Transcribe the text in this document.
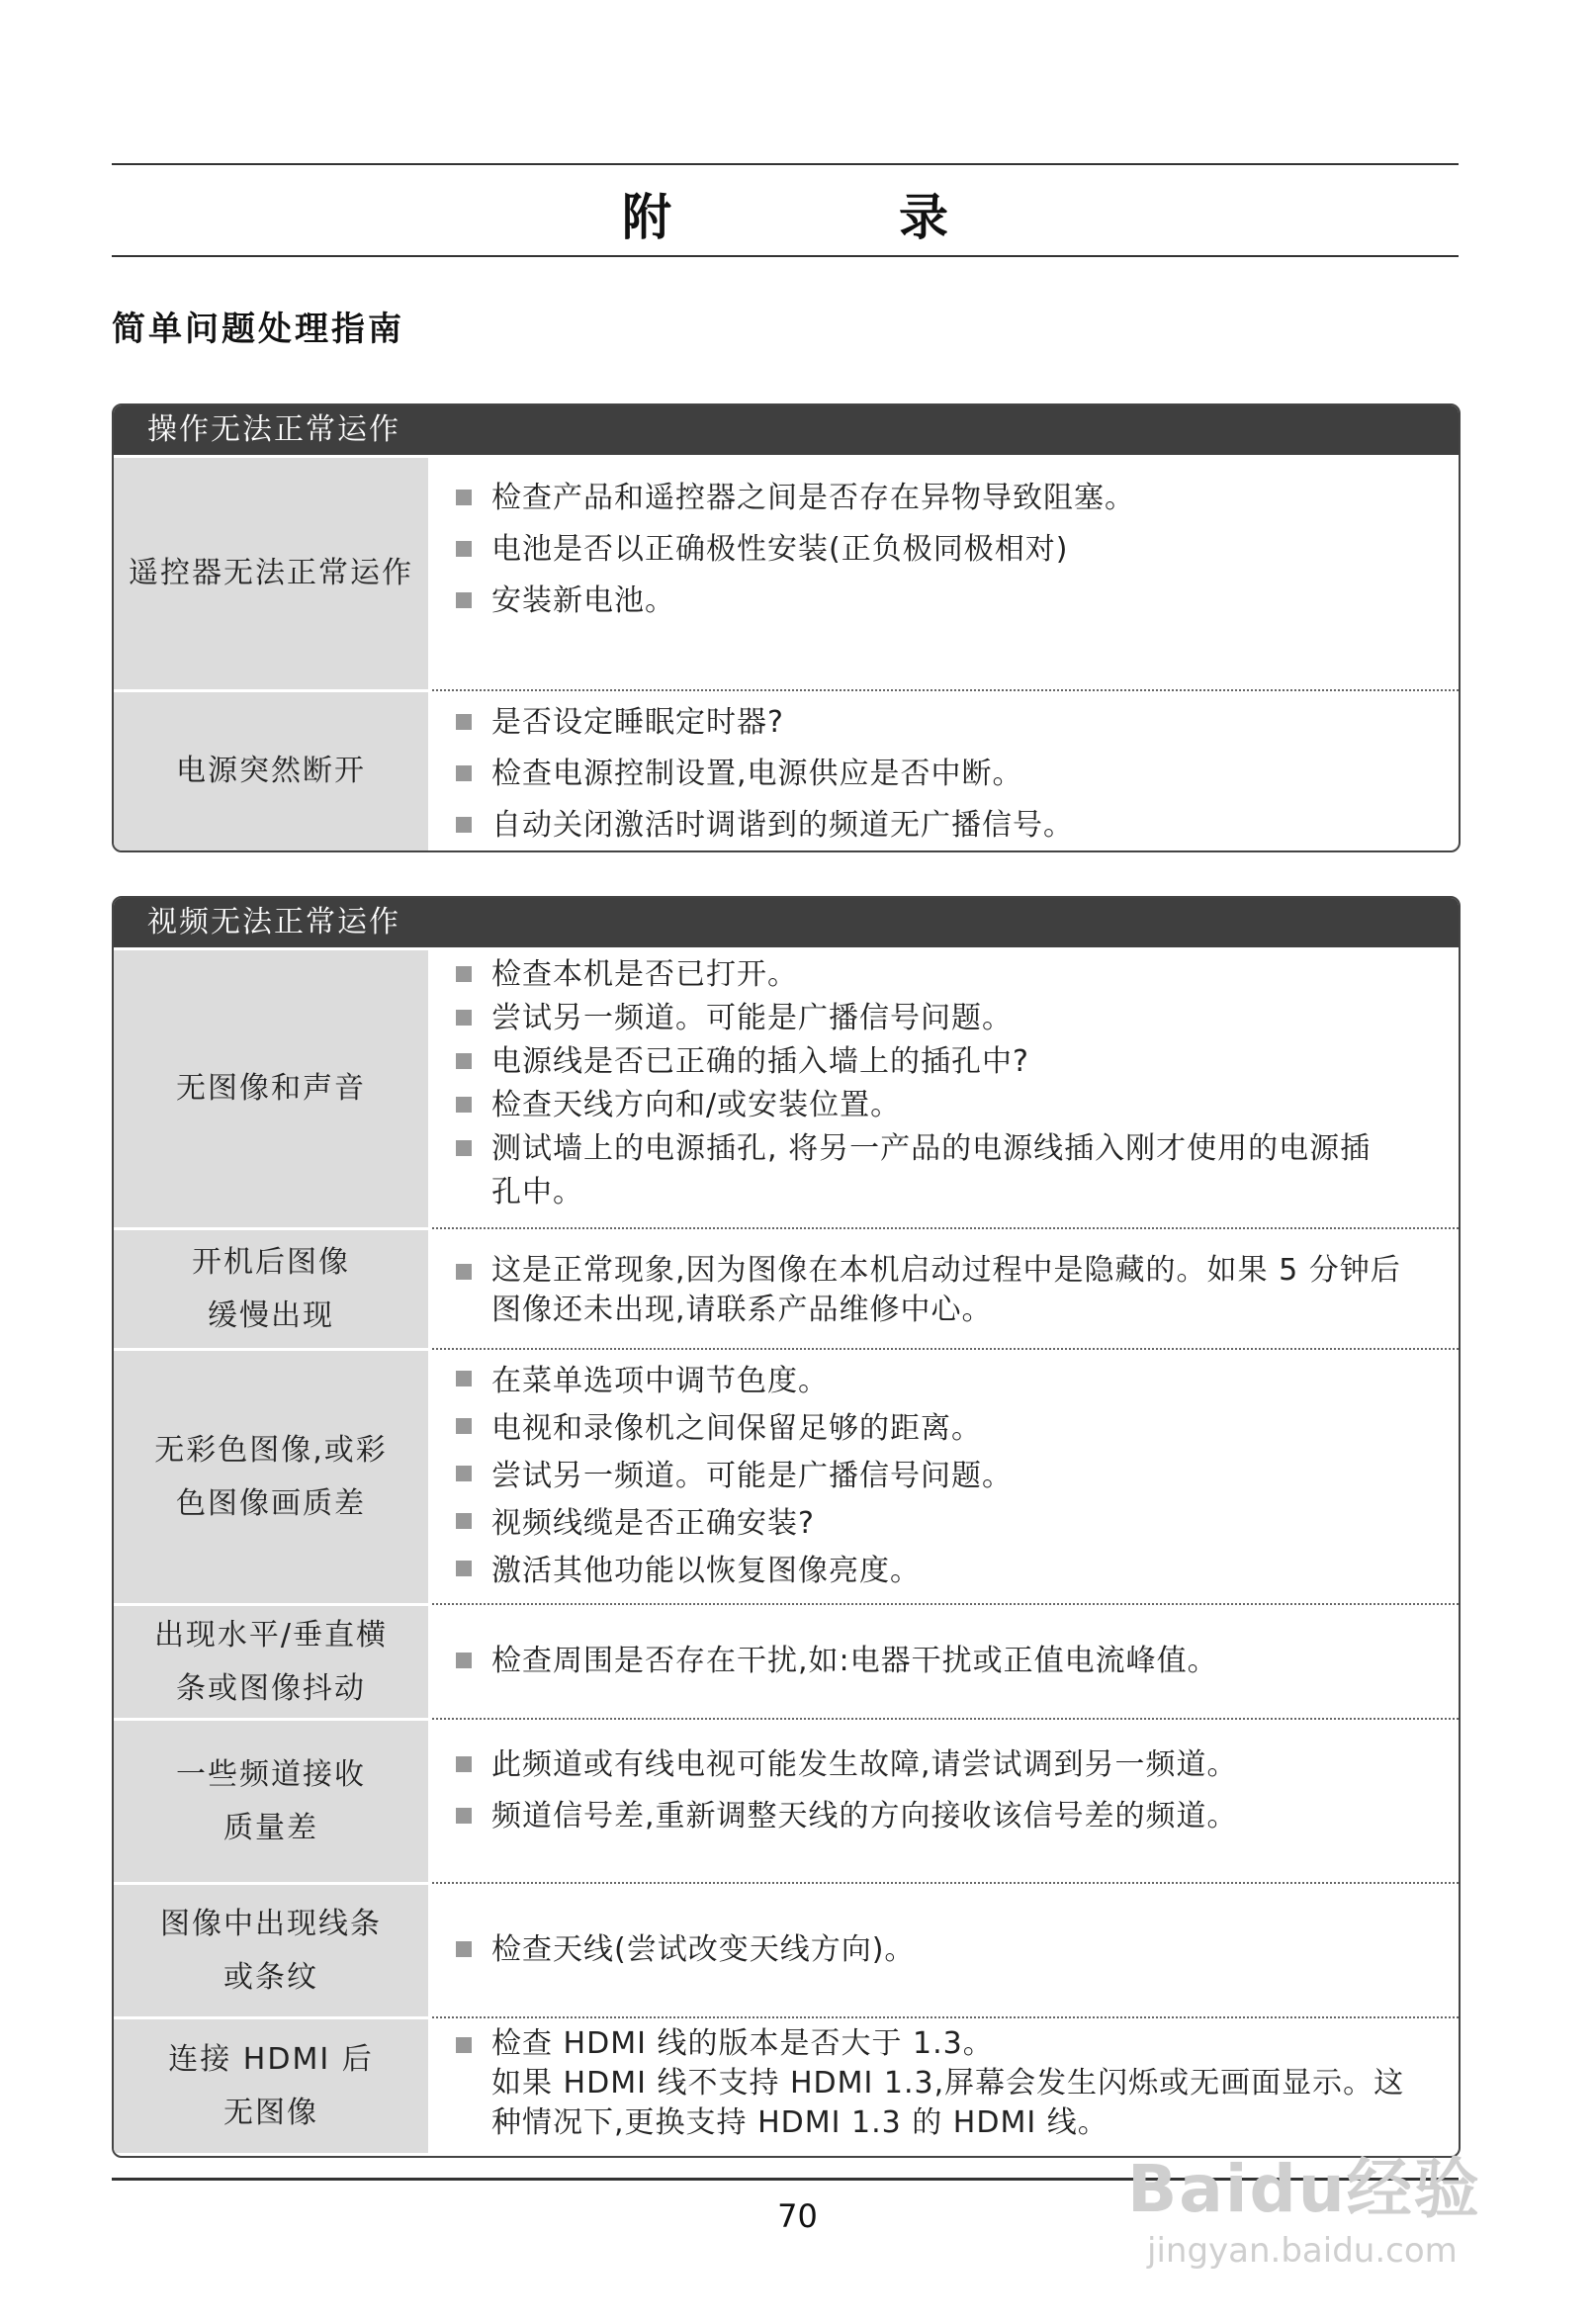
附　录
简单问题处理指南
操作无法正常运作
遥控器无法正常运作
检查产品和遥控器之间是否存在异物导致阻塞。
电池是否以正确极性安装(正负极同极相对)
安装新电池。
电源突然断开
是否设定睡眠定时器?
检查电源控制设置,电源供应是否中断。
自动关闭激活时调谐到的频道无广播信号。
视频无法正常运作
无图像和声音
检查本机是否已打开。
尝试另一频道。可能是广播信号问题。
电源线是否已正确的插入墙上的插孔中?
检查天线方向和/或安装位置。
测试墙上的电源插孔, 将另一产品的电源线插入刚才使用的电源插
孔中。
开机后图像
缓慢出现
这是正常现象,因为图像在本机启动过程中是隐藏的。如果 5 分钟后
图像还未出现,请联系产品维修中心。
无彩色图像,或彩
色图像画质差
在菜单选项中调节色度。
电视和录像机之间保留足够的距离。
尝试另一频道。可能是广播信号问题。
视频线缆是否正确安装?
激活其他功能以恢复图像亮度。
出现水平/垂直横
条或图像抖动
检查周围是否存在干扰,如:电器干扰或正值电流峰值。
一些频道接收
质量差
此频道或有线电视可能发生故障,请尝试调到另一频道。
频道信号差,重新调整天线的方向接收该信号差的频道。
图像中出现线条
或条纹
检查天线(尝试改变天线方向)。
连接 HDMI 后
无图像
检查 HDMI 线的版本是否大于 1.3。
如果 HDMI 线不支持 HDMI 1.3,屏幕会发生闪烁或无画面显示。这
种情况下,更换支持 HDMI 1.3 的 HDMI 线。
70	Baidu经验
jingyan.baidu.com
